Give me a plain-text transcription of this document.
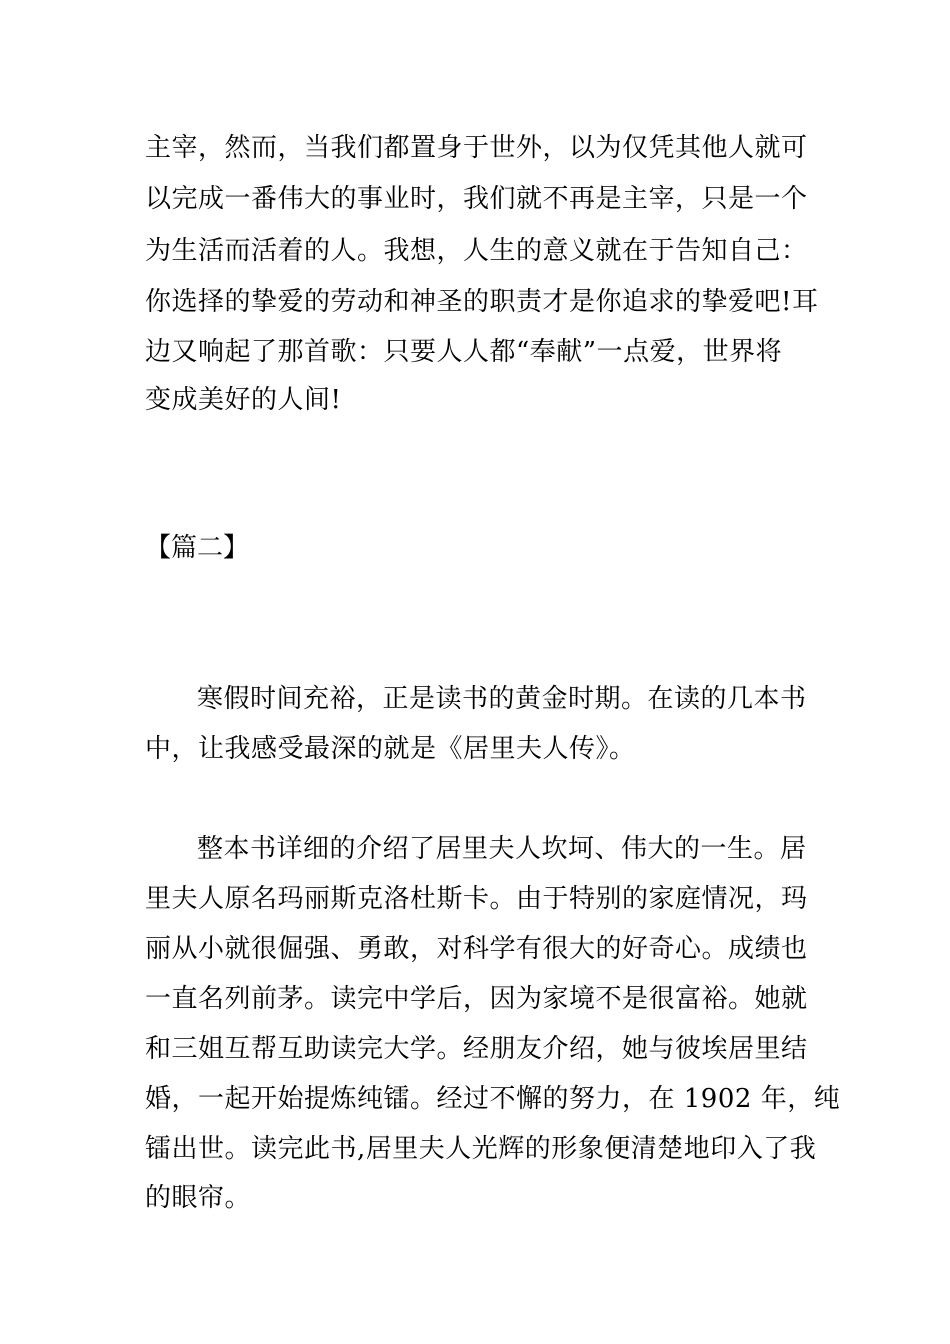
主宰，然而，当我们都置身于世外，以为仅凭其他人就可
以完成一番伟大的事业时，我们就不再是主宰，只是一个
为生活而活着的人。我想，人生的意义就在于告知自己：
你选择的挚爱的劳动和神圣的职责才是你追求的挚爱吧!耳
边又响起了那首歌：只要人人都“奉献”一点爱，世界将
变成美好的人间!
【篇二】
寒假时间充裕，正是读书的黄金时期。在读的几本书
中，让我感受最深的就是《居里夫人传》。
整本书详细的介绍了居里夫人坎坷、伟大的一生。居
里夫人原名玛丽斯克洛杜斯卡。由于特别的家庭情况，玛
丽从小就很倔强、勇敢，对科学有很大的好奇心。成绩也
一直名列前茅。读完中学后，因为家境不是很富裕。她就
和三姐互帮互助读完大学。经朋友介绍，她与彼埃居里结
婚，一起开始提炼纯镭。经过不懈的努力，在 1902 年，纯
镭出世。读完此书,居里夫人光辉的形象便清楚地印入了我
的眼帘。
